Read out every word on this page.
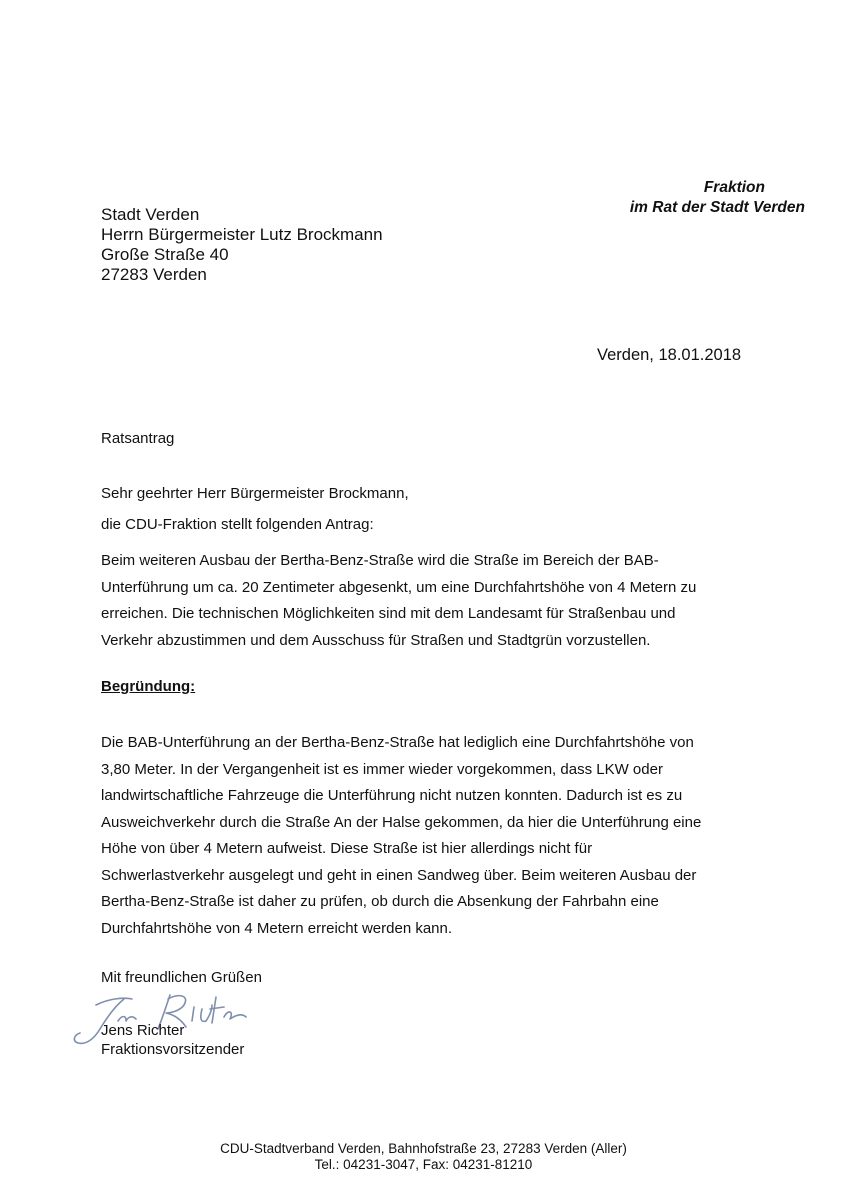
Fraktion
im Rat der Stadt Verden
Stadt Verden
Herrn Bürgermeister Lutz Brockmann
Große Straße 40
27283 Verden
Verden, 18.01.2018
Ratsantrag
Sehr geehrter Herr Bürgermeister Brockmann,
die CDU-Fraktion stellt folgenden Antrag:
Beim weiteren Ausbau der Bertha-Benz-Straße wird die Straße im Bereich der BAB-
Unterführung um ca. 20 Zentimeter abgesenkt, um eine Durchfahrtshöhe von 4 Metern zu
erreichen. Die technischen Möglichkeiten sind mit dem Landesamt für Straßenbau und
Verkehr abzustimmen und dem Ausschuss für Straßen und Stadtgrün vorzustellen.
Begründung:
Die BAB-Unterführung an der Bertha-Benz-Straße hat lediglich eine Durchfahrtshöhe von
3,80 Meter. In der Vergangenheit ist es immer wieder vorgekommen, dass LKW oder
landwirtschaftliche Fahrzeuge die Unterführung nicht nutzen konnten. Dadurch ist es zu
Ausweichverkehr durch die Straße An der Halse gekommen, da hier die Unterführung eine
Höhe von über 4 Metern aufweist. Diese Straße ist hier allerdings nicht für
Schwerlastverkehr ausgelegt und geht in einen Sandweg über. Beim weiteren Ausbau der
Bertha-Benz-Straße ist daher zu prüfen, ob durch die Absenkung der Fahrbahn eine
Durchfahrtshöhe von 4 Metern erreicht werden kann.
Mit freundlichen Grüßen
Jens Richter
Fraktionsvorsitzender
CDU-Stadtverband Verden, Bahnhofstraße 23, 27283 Verden (Aller)
Tel.: 04231-3047, Fax: 04231-81210
